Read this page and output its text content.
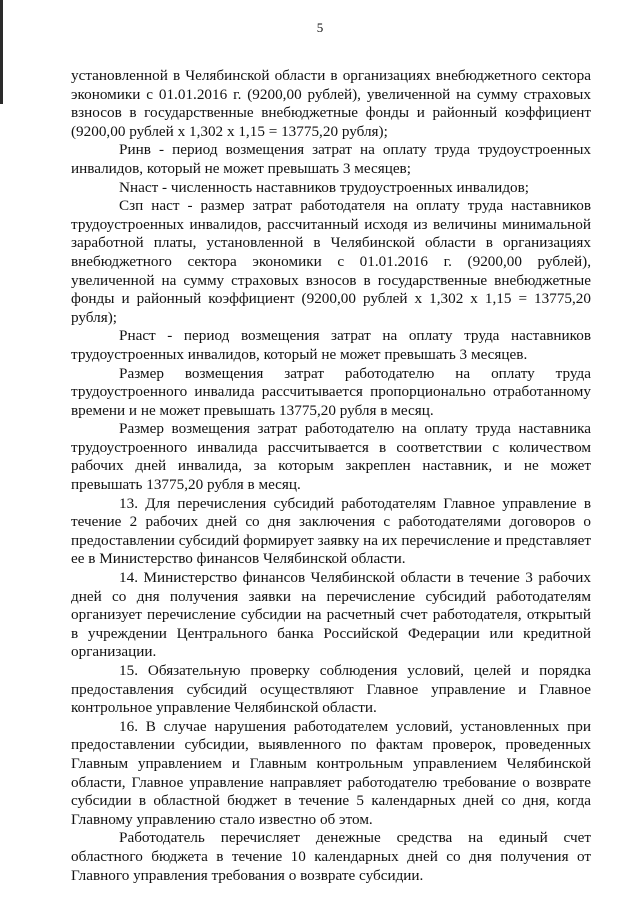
5

установленной в Челябинской области в организациях внебюджетного сектора экономики с 01.01.2016 г. (9200,00 рублей), увеличенной на сумму страховых взносов в государственные внебюджетные фонды и районный коэффициент (9200,00 рублей х 1,302 х 1,15 = 13775,20 рубля);

Ринв - период возмещения затрат на оплату труда трудоустроенных инвалидов, который не может превышать 3 месяцев;

Nнаст - численность наставников трудоустроенных инвалидов;

Сзп наст - размер затрат работодателя на оплату труда наставников трудоустроенных инвалидов, рассчитанный исходя из величины минимальной заработной платы, установленной в Челябинской области в организациях внебюджетного сектора экономики с 01.01.2016 г. (9200,00 рублей), увеличенной на сумму страховых взносов в государственные внебюджетные фонды и районный коэффициент (9200,00 рублей х 1,302 х 1,15 = 13775,20 рубля);

Рнаст - период возмещения затрат на оплату труда наставников трудоустроенных инвалидов, который не может превышать 3 месяцев.

Размер возмещения затрат работодателю на оплату труда трудоустроенного инвалида рассчитывается пропорционально отработанному времени и не может превышать 13775,20 рубля в месяц.

Размер возмещения затрат работодателю на оплату труда наставника трудоустроенного инвалида рассчитывается в соответствии с количеством рабочих дней инвалида, за которым закреплен наставник, и не может превышать 13775,20 рубля в месяц.

13. Для перечисления субсидий работодателям Главное управление в течение 2 рабочих дней со дня заключения с работодателями договоров о предоставлении субсидий формирует заявку на их перечисление и представляет ее в Министерство финансов Челябинской области.

14. Министерство финансов Челябинской области в течение 3 рабочих дней со дня получения заявки на перечисление субсидий работодателям организует перечисление субсидии на расчетный счет работодателя, открытый в учреждении Центрального банка Российской Федерации или кредитной организации.

15. Обязательную проверку соблюдения условий, целей и порядка предоставления субсидий осуществляют Главное управление и Главное контрольное управление Челябинской области.

16. В случае нарушения работодателем условий, установленных при предоставлении субсидии, выявленного по фактам проверок, проведенных Главным управлением и Главным контрольным управлением Челябинской области, Главное управление направляет работодателю требование о возврате субсидии в областной бюджет в течение 5 календарных дней со дня, когда Главному управлению стало известно об этом.

Работодатель перечисляет денежные средства на единый счет областного бюджета в течение 10 календарных дней со дня получения от Главного управления требования о возврате субсидии.
